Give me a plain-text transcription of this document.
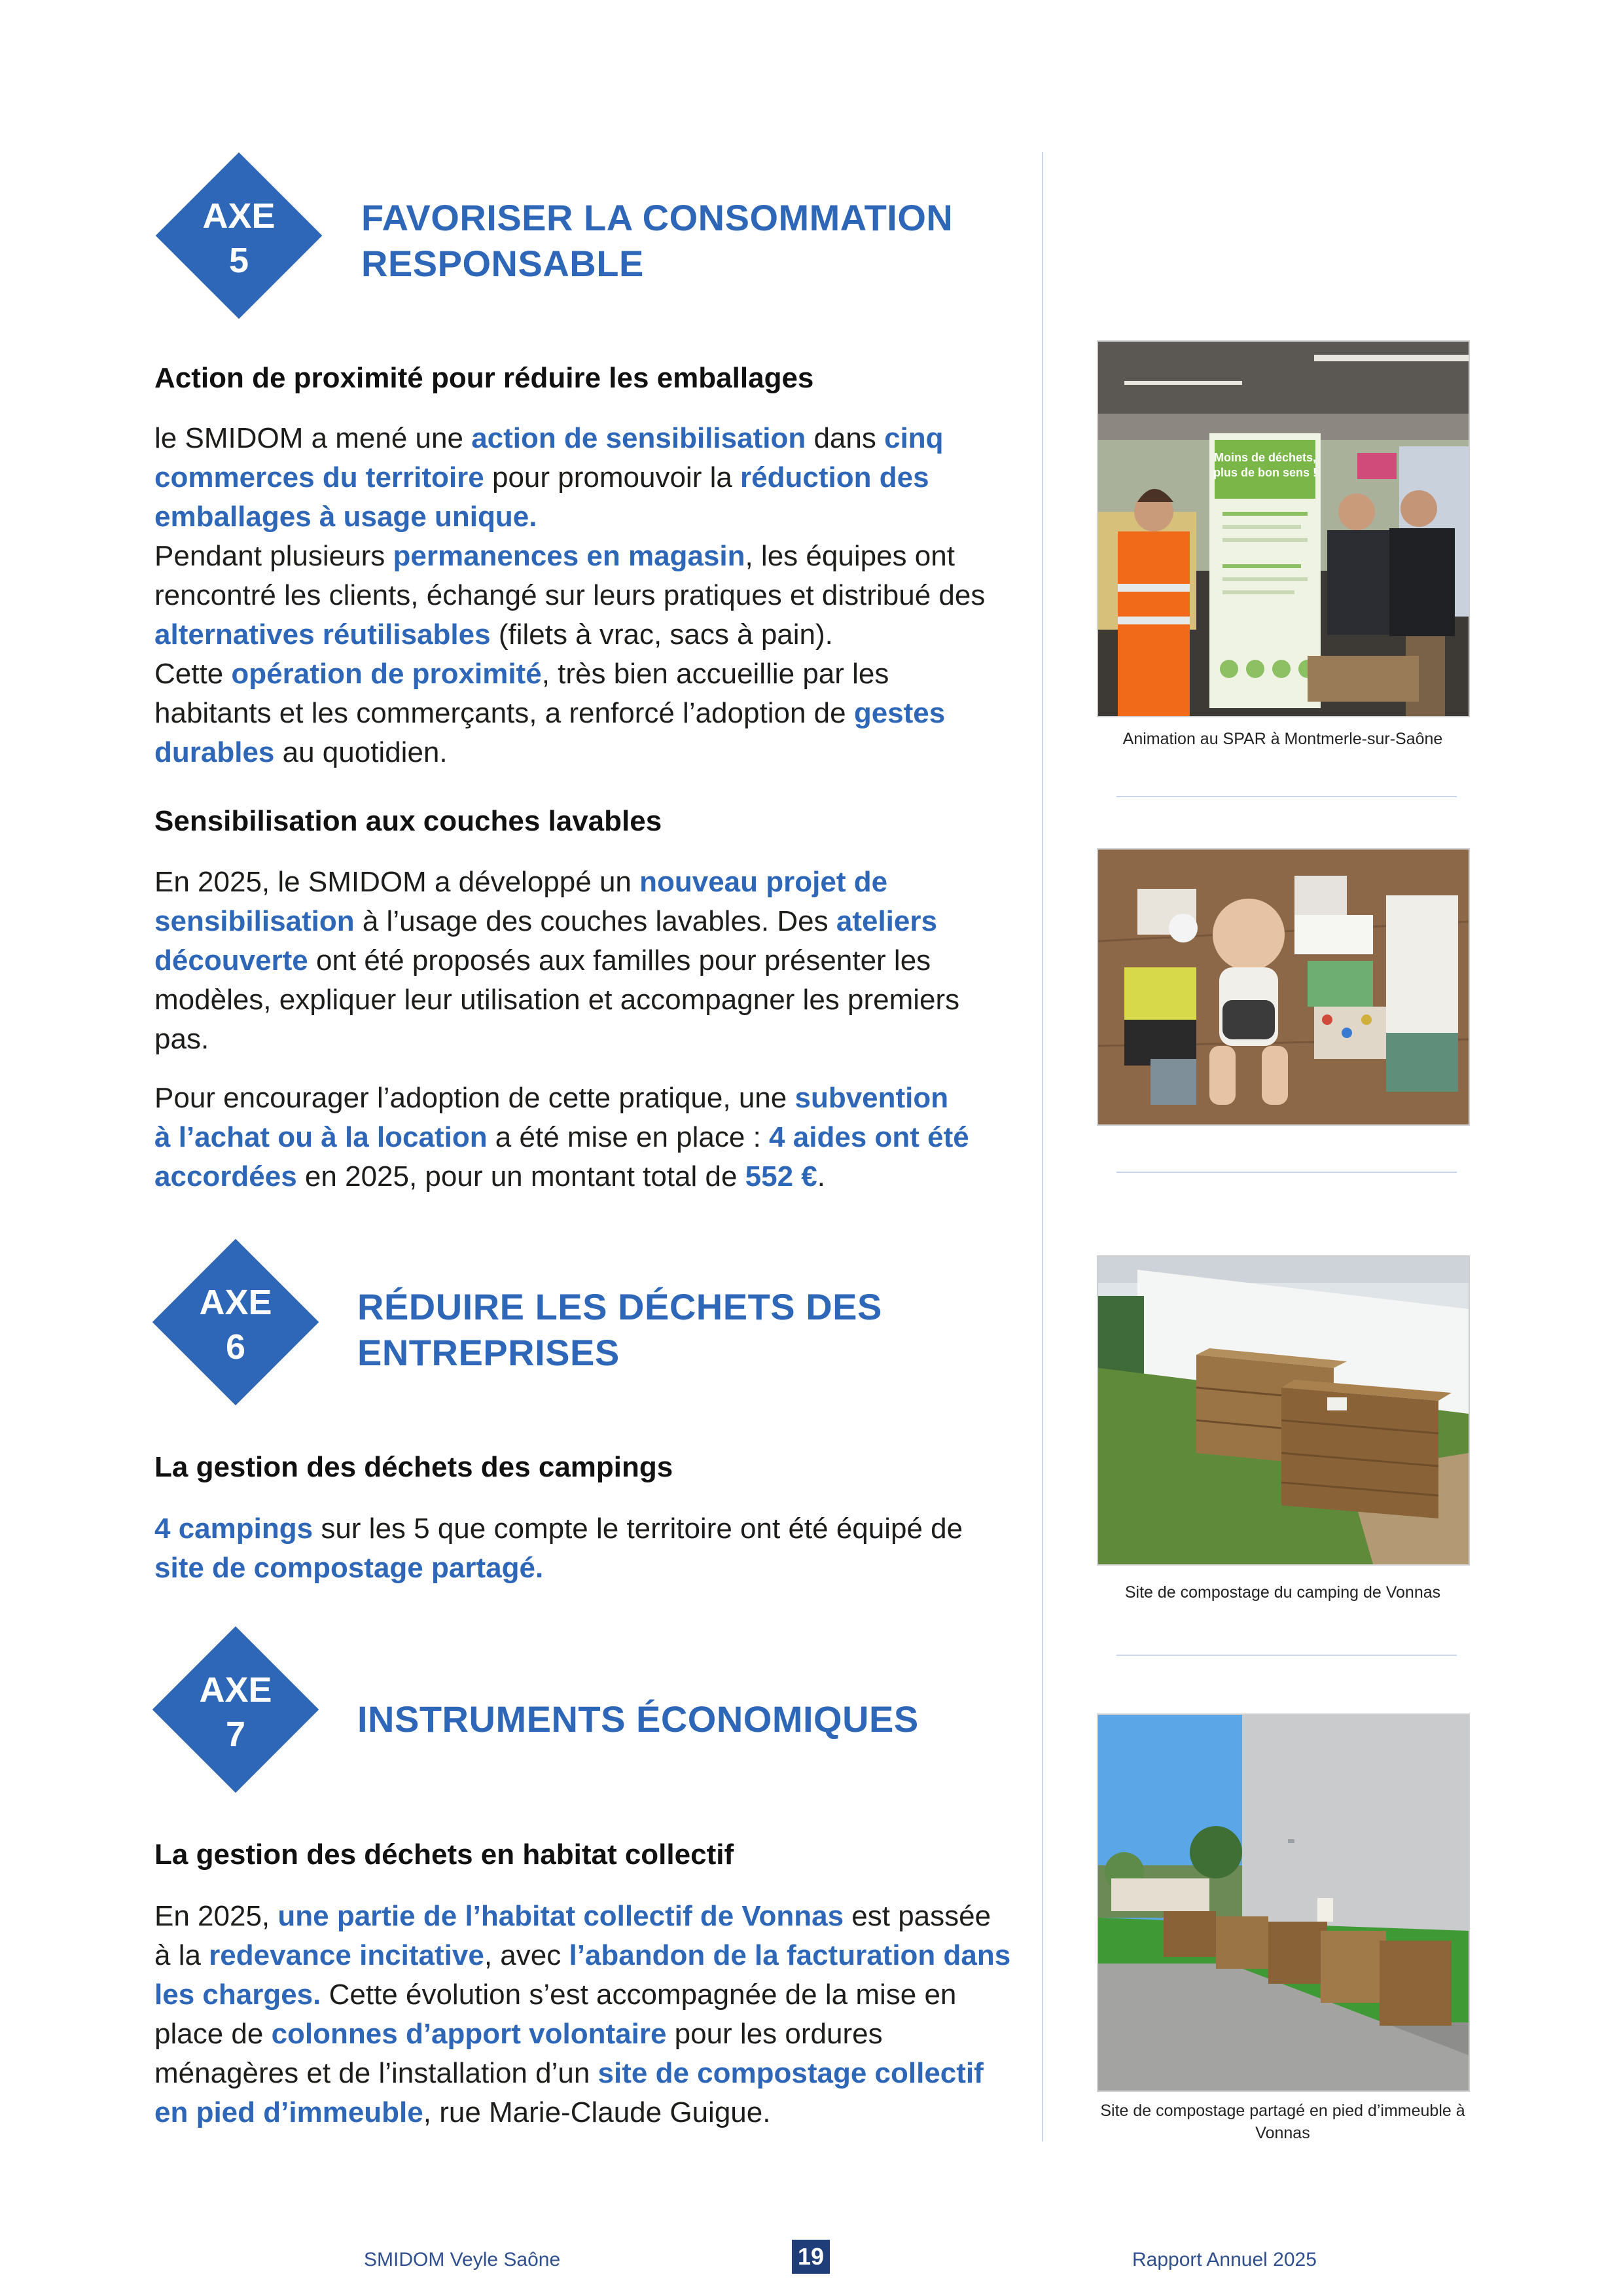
AXE
5
FAVORISER LA CONSOMMATION
RESPONSABLE
Action de proximité pour réduire les emballages
le SMIDOM a mené une action de sensibilisation dans cinq commerces du territoire pour promouvoir la réduction des emballages à usage unique.
Pendant plusieurs permanences en magasin, les équipes ont rencontré les clients, échangé sur leurs pratiques et distribué des alternatives réutilisables (filets à vrac, sacs à pain).
Cette opération de proximité, très bien accueillie par les habitants et les commerçants, a renforcé l’adoption de gestes durables au quotidien.
Sensibilisation aux couches lavables
En 2025, le SMIDOM a développé un nouveau projet de sensibilisation à l’usage des couches lavables. Des ateliers découverte ont été proposés aux familles pour présenter les modèles, expliquer leur utilisation et accompagner les premiers pas.
Pour encourager l’adoption de cette pratique, une subvention
à l’achat ou à la location a été mise en place : 4 aides ont été accordées en 2025, pour un montant total de 552 €.
AXE
6
RÉDUIRE LES DÉCHETS DES
ENTREPRISES
La gestion des déchets des campings
4 campings sur les 5 que compte le territoire ont été équipé de site de compostage partagé.
AXE
7	INSTRUMENTS ÉCONOMIQUES
La gestion des déchets en habitat collectif
En 2025, une partie de l’habitat collectif de Vonnas est passée à la redevance incitative, avec l’abandon de la facturation dans les charges. Cette évolution s’est accompagnée de la mise en place de colonnes d’apport volontaire pour les ordures ménagères et de l’installation d’un site de compostage collectif en pied d’immeuble, rue Marie-Claude Guigue.
Moins de déchets,
plus de bon sens !
Animation au SPAR à Montmerle-sur-Saône
Site de compostage du camping de Vonnas
Site de compostage partagé en pied d’immeuble à Vonnas
SMIDOM Veyle Saône	19	Rapport Annuel 2025
